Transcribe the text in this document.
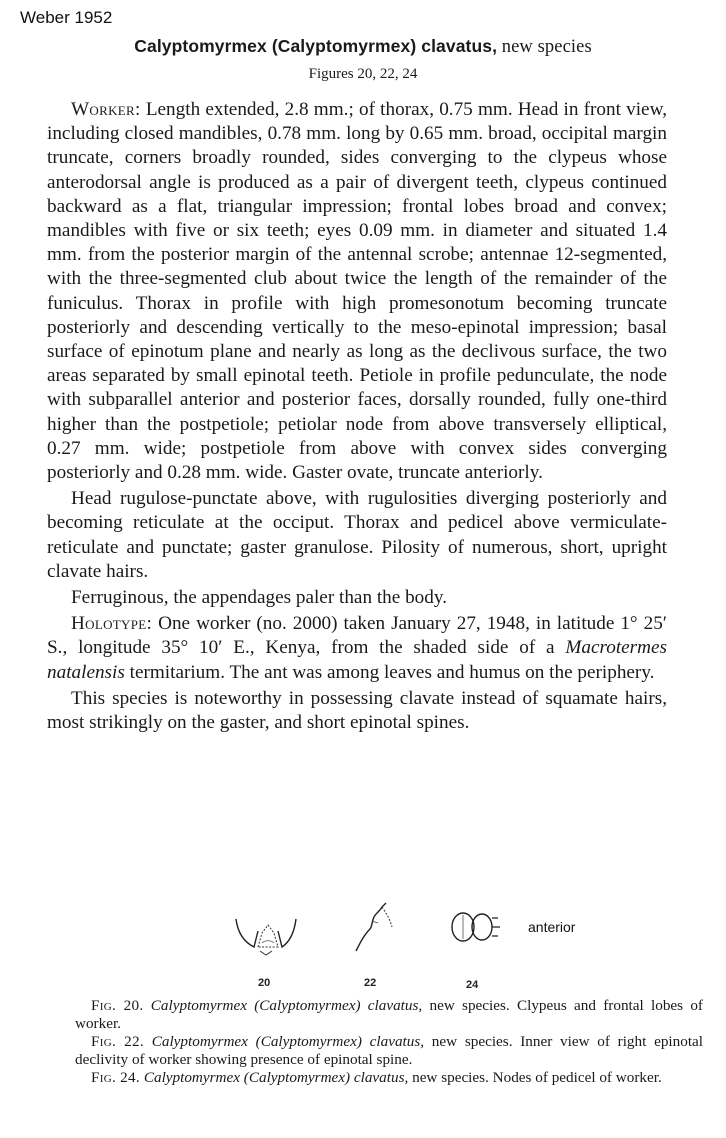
Weber 1952
Calyptomyrmex (Calyptomyrmex) clavatus, new species
Figures 20, 22, 24

Worker: Length extended, 2.8 mm.; of thorax, 0.75 mm. Head in front view, including closed mandibles, 0.78 mm. long by 0.65 mm. broad, occipital margin truncate, corners broadly rounded, sides converging to the clypeus whose anterodorsal angle is produced as a pair of divergent teeth, clypeus continued backward as a flat, triangular impression; frontal lobes broad and convex; mandibles with five or six teeth; eyes 0.09 mm. in diameter and situated 1.4 mm. from the posterior margin of the antennal scrobe; antennae 12-segmented, with the three-segmented club about twice the length of the remainder of the funiculus. Thorax in profile with high promesonotum becoming truncate posteriorly and descending vertically to the meso-epinotal impression; basal surface of epinotum plane and nearly as long as the declivous surface, the two areas separated by small epinotal teeth. Petiole in profile pedunculate, the node with subparallel anterior and posterior faces, dorsally rounded, fully one-third higher than the postpetiole; petiolar node from above transversely elliptical, 0.27 mm. wide; postpetiole from above with convex sides converging posteriorly and 0.28 mm. wide. Gaster ovate, truncate anteriorly.

Head rugulose-punctate above, with rugulosities diverging posteriorly and becoming reticulate at the occiput. Thorax and pedicel above vermiculate-reticulate and punctate; gaster granulose. Pilosity of numerous, short, upright clavate hairs.

Ferruginous, the appendages paler than the body.

Holotype: One worker (no. 2000) taken January 27, 1948, in latitude 1° 25′ S., longitude 35° 10′ E., Kenya, from the shaded side of a Macrotermes natalensis termitarium. The ant was among leaves and humus on the periphery.

This species is noteworthy in possessing clavate instead of squamate hairs, most strikingly on the gaster, and short epinotal spines.

20	22	24
anterior

Fig. 20. Calyptomyrmex (Calyptomyrmex) clavatus, new species. Clypeus and frontal lobes of worker.

Fig. 22. Calyptomyrmex (Calyptomyrmex) clavatus, new species. Inner view of right epinotal declivity of worker showing presence of epinotal spine.

Fig. 24. Calyptomyrmex (Calyptomyrmex) clavatus, new species. Nodes of pedicel of worker.
